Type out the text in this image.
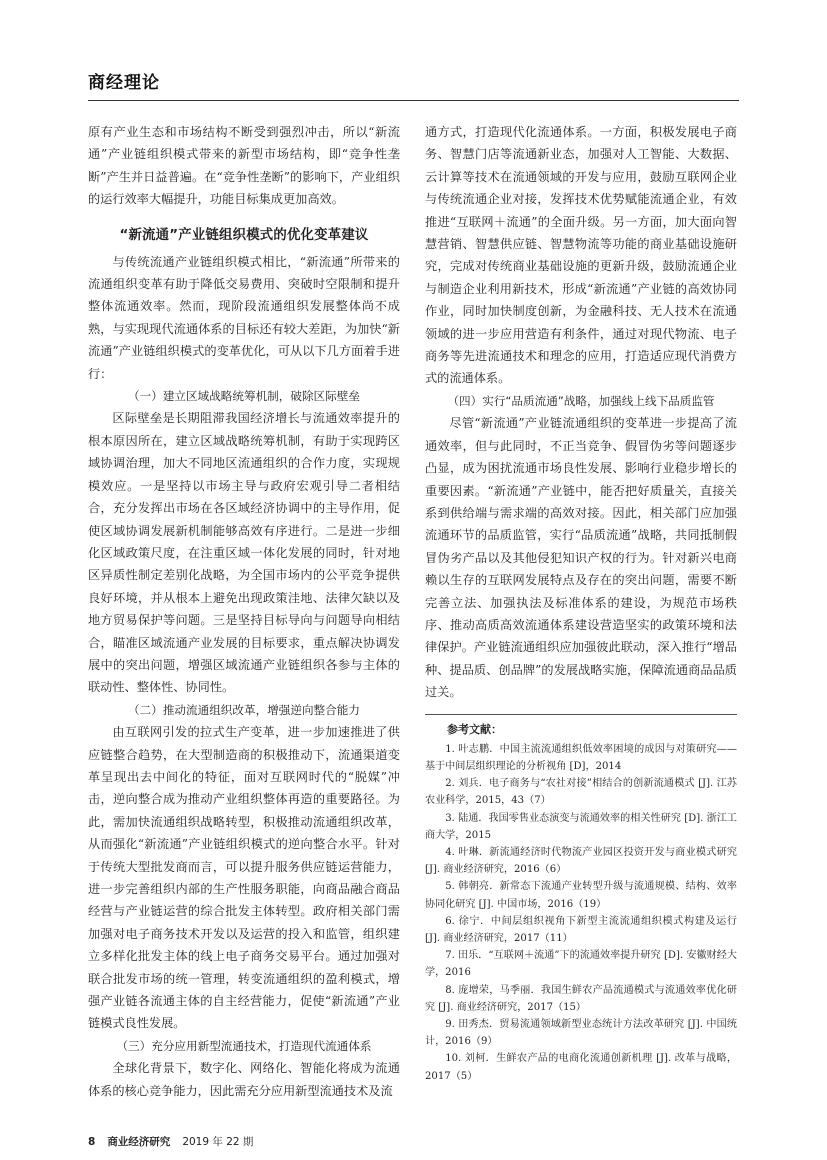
商经理论

原有产业生态和市场结构不断受到强烈冲击，所以“新流通”产业链组织模式带来的新型市场结构，即“竞争性垄断”产生并日益普遍。在“竞争性垄断”的影响下，产业组织的运行效率大幅提升，功能目标集成更加高效。

“新流通”产业链组织模式的优化变革建议

与传统流通产业链组织模式相比，“新流通”所带来的流通组织变革有助于降低交易费用、突破时空限制和提升整体流通效率。然而，现阶段流通组织发展整体尚不成熟，与实现现代流通体系的目标还有较大差距，为加快“新流通”产业链组织模式的变革优化，可从以下几方面着手进行：

（一）建立区域战略统筹机制，破除区际壁垒

区际壁垒是长期阻滞我国经济增长与流通效率提升的根本原因所在，建立区域战略统筹机制，有助于实现跨区域协调治理，加大不同地区流通组织的合作力度，实现规模效应。一是坚持以市场主导与政府宏观引导二者相结合，充分发挥出市场在各区域经济协调中的主导作用，促使区域协调发展新机制能够高效有序进行。二是进一步细化区域政策尺度，在注重区域一体化发展的同时，针对地区异质性制定差别化战略，为全国市场内的公平竞争提供良好环境，并从根本上避免出现政策洼地、法律欠缺以及地方贸易保护等问题。三是坚持目标导向与问题导向相结合，瞄准区域流通产业发展的目标要求，重点解决协调发展中的突出问题，增强区域流通产业链组织各参与主体的联动性、整体性、协同性。

（二）推动流通组织改革，增强逆向整合能力

由互联网引发的拉式生产变革，进一步加速推进了供应链整合趋势，在大型制造商的积极推动下，流通渠道变革呈现出去中间化的特征，面对互联网时代的“脱媒”冲击，逆向整合成为推动产业组织整体再造的重要路径。为此，需加快流通组织战略转型，积极推动流通组织改革，从而强化“新流通”产业链组织模式的逆向整合水平。针对于传统大型批发商而言，可以提升服务供应链运营能力，进一步完善组织内部的生产性服务职能，向商品融合商品经营与产业链运营的综合批发主体转型。政府相关部门需加强对电子商务技术开发以及运营的投入和监管，组织建立多样化批发主体的线上电子商务交易平台。通过加强对联合批发市场的统一管理，转变流通组织的盈利模式，增强产业链各流通主体的自主经营能力，促使“新流通”产业链模式良性发展。

（三）充分应用新型流通技术，打造现代流通体系

全球化背景下，数字化、网络化、智能化将成为流通体系的核心竞争能力，因此需充分应用新型流通技术及流

通方式，打造现代化流通体系。一方面，积极发展电子商务、智慧门店等流通新业态，加强对人工智能、大数据、云计算等技术在流通领域的开发与应用，鼓励互联网企业与传统流通企业对接，发挥技术优势赋能流通企业，有效推进“互联网＋流通”的全面升级。另一方面，加大面向智慧营销、智慧供应链、智慧物流等功能的商业基础设施研究，完成对传统商业基础设施的更新升级，鼓励流通企业与制造企业利用新技术，形成“新流通”产业链的高效协同作业，同时加快制度创新，为金融科技、无人技术在流通领域的进一步应用营造有利条件，通过对现代物流、电子商务等先进流通技术和理念的应用，打造适应现代消费方式的流通体系。

（四）实行“品质流通”战略，加强线上线下品质监管

尽管“新流通”产业链流通组织的变革进一步提高了流通效率，但与此同时，不正当竞争、假冒伪劣等问题逐步凸显，成为困扰流通市场良性发展、影响行业稳步增长的重要因素。“新流通”产业链中，能否把好质量关，直接关系到供给端与需求端的高效对接。因此，相关部门应加强流通环节的品质监管，实行“品质流通”战略，共同抵制假冒伪劣产品以及其他侵犯知识产权的行为。针对新兴电商赖以生存的互联网发展特点及存在的突出问题，需要不断完善立法、加强执法及标准体系的建设，为规范市场秩序、推动高质高效流通体系建设营造坚实的政策环境和法律保护。产业链流通组织应加强彼此联动，深入推行“增品种、提品质、创品牌”的发展战略实施，保障流通商品品质过关。

参考文献：
1. 叶志鹏．中国主流流通组织低效率困境的成因与对策研究——基于中间层组织理论的分析视角 [D]，2014
2. 刘兵．电子商务与“农社对接”相结合的创新流通模式 [J]. 江苏农业科学，2015，43（7）
3. 陆通．我国零售业态演变与流通效率的相关性研究 [D]. 浙江工商大学，2015
4. 叶琳．新流通经济时代物流产业园区投资开发与商业模式研究 [J]. 商业经济研究，2016（6）
5. 韩朝亮．新常态下流通产业转型升级与流通规模、结构、效率协同化研究 [J]. 中国市场，2016（19）
6. 徐宁．中间层组织视角下新型主流流通组织模式构建及运行 [J]. 商业经济研究，2017（11）
7. 田乐．“互联网＋流通”下的流通效率提升研究 [D]. 安徽财经大学，2016
8. 庞增荣，马季丽．我国生鲜农产品流通模式与流通效率优化研究 [J]. 商业经济研究，2017（15）
9. 田秀杰．贸易流通领域新型业态统计方法改革研究 [J]. 中国统计，2016（9）
10. 刘柯．生鲜农产品的电商化流通创新机理 [J]. 改革与战略，2017（5）
8 商业经济研究 2019 年 22 期
